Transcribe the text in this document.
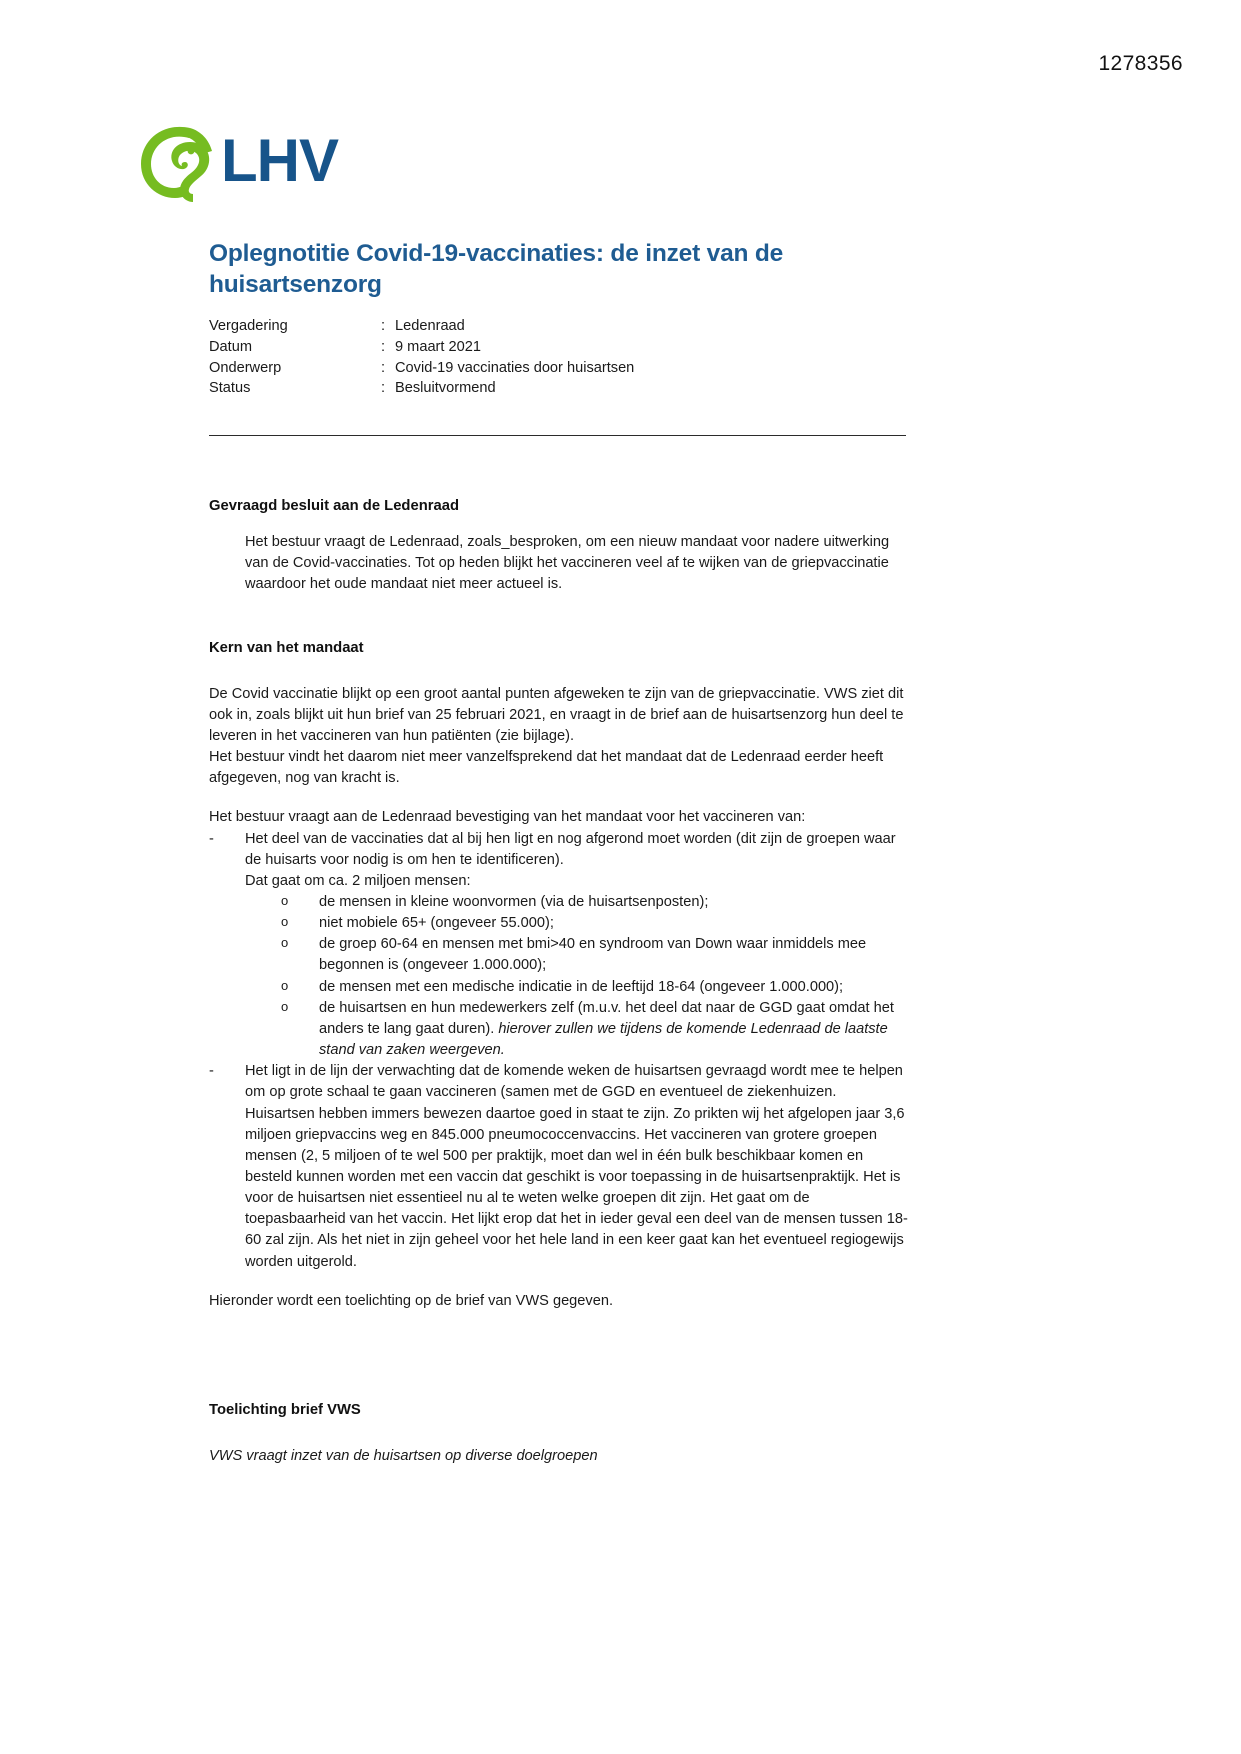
1278356
LHV
Oplegnotitie Covid-19-vaccinaties: de inzet van de huisartsenzorg
Vergadering	:	Ledenraad
Datum	:	9 maart 2021
Onderwerp	:	Covid-19 vaccinaties door huisartsen
Status	:	Besluitvormend
Gevraagd besluit aan de Ledenraad

Het bestuur vraagt de Ledenraad, zoals_besproken, om een nieuw mandaat voor nadere uitwerking van de Covid-vaccinaties. Tot op heden blijkt het vaccineren veel af te wijken van de griepvaccinatie waardoor het oude mandaat niet meer actueel is.

Kern van het mandaat

De Covid vaccinatie blijkt op een groot aantal punten afgeweken te zijn van de griepvaccinatie. VWS ziet dit ook in, zoals blijkt uit hun brief van 25 februari 2021, en vraagt in de brief aan de huisartsenzorg hun deel te leveren in het vaccineren van hun patiënten (zie bijlage).

Het bestuur vindt het daarom niet meer vanzelfsprekend dat het mandaat dat de Ledenraad eerder heeft afgegeven, nog van kracht is.

Het bestuur vraagt aan de Ledenraad bevestiging van het mandaat voor het vaccineren van:

- Het deel van de vaccinaties dat al bij hen ligt en nog afgerond moet worden (dit zijn de groepen waar de huisarts voor nodig is om hen te identificeren).
Dat gaat om ca. 2 miljoen mensen:
o de mensen in kleine woonvormen (via de huisartsenposten);
o niet mobiele 65+ (ongeveer 55.000);
o de groep 60-64 en mensen met bmi>40 en syndroom van Down waar inmiddels mee begonnen is (ongeveer 1.000.000);
o de mensen met een medische indicatie in de leeftijd 18-64 (ongeveer 1.000.000);
o de huisartsen en hun medewerkers zelf (m.u.v. het deel dat naar de GGD gaat omdat het anders te lang gaat duren). hierover zullen we tijdens de komende Ledenraad de laatste stand van zaken weergeven.
- Het ligt in de lijn der verwachting dat de komende weken de huisartsen gevraagd wordt mee te helpen om op grote schaal te gaan vaccineren (samen met de GGD en eventueel de ziekenhuizen. Huisartsen hebben immers bewezen daartoe goed in staat te zijn. Zo prikten wij het afgelopen jaar 3,6 miljoen griepvaccins weg en 845.000 pneumococcenvaccins. Het vaccineren van grotere groepen mensen (2, 5 miljoen of te wel 500 per praktijk, moet dan wel in één bulk beschikbaar komen en besteld kunnen worden met een vaccin dat geschikt is voor toepassing in de huisartsenpraktijk. Het is voor de huisartsen niet essentieel nu al te weten welke groepen dit zijn. Het gaat om de toepasbaarheid van het vaccin. Het lijkt erop dat het in ieder geval een deel van de mensen tussen 18-60 zal zijn. Als het niet in zijn geheel voor het hele land in een keer gaat kan het eventueel regiogewijs worden uitgerold.

Hieronder wordt een toelichting op de brief van VWS gegeven.

Toelichting brief VWS

VWS vraagt inzet van de huisartsen op diverse doelgroepen
